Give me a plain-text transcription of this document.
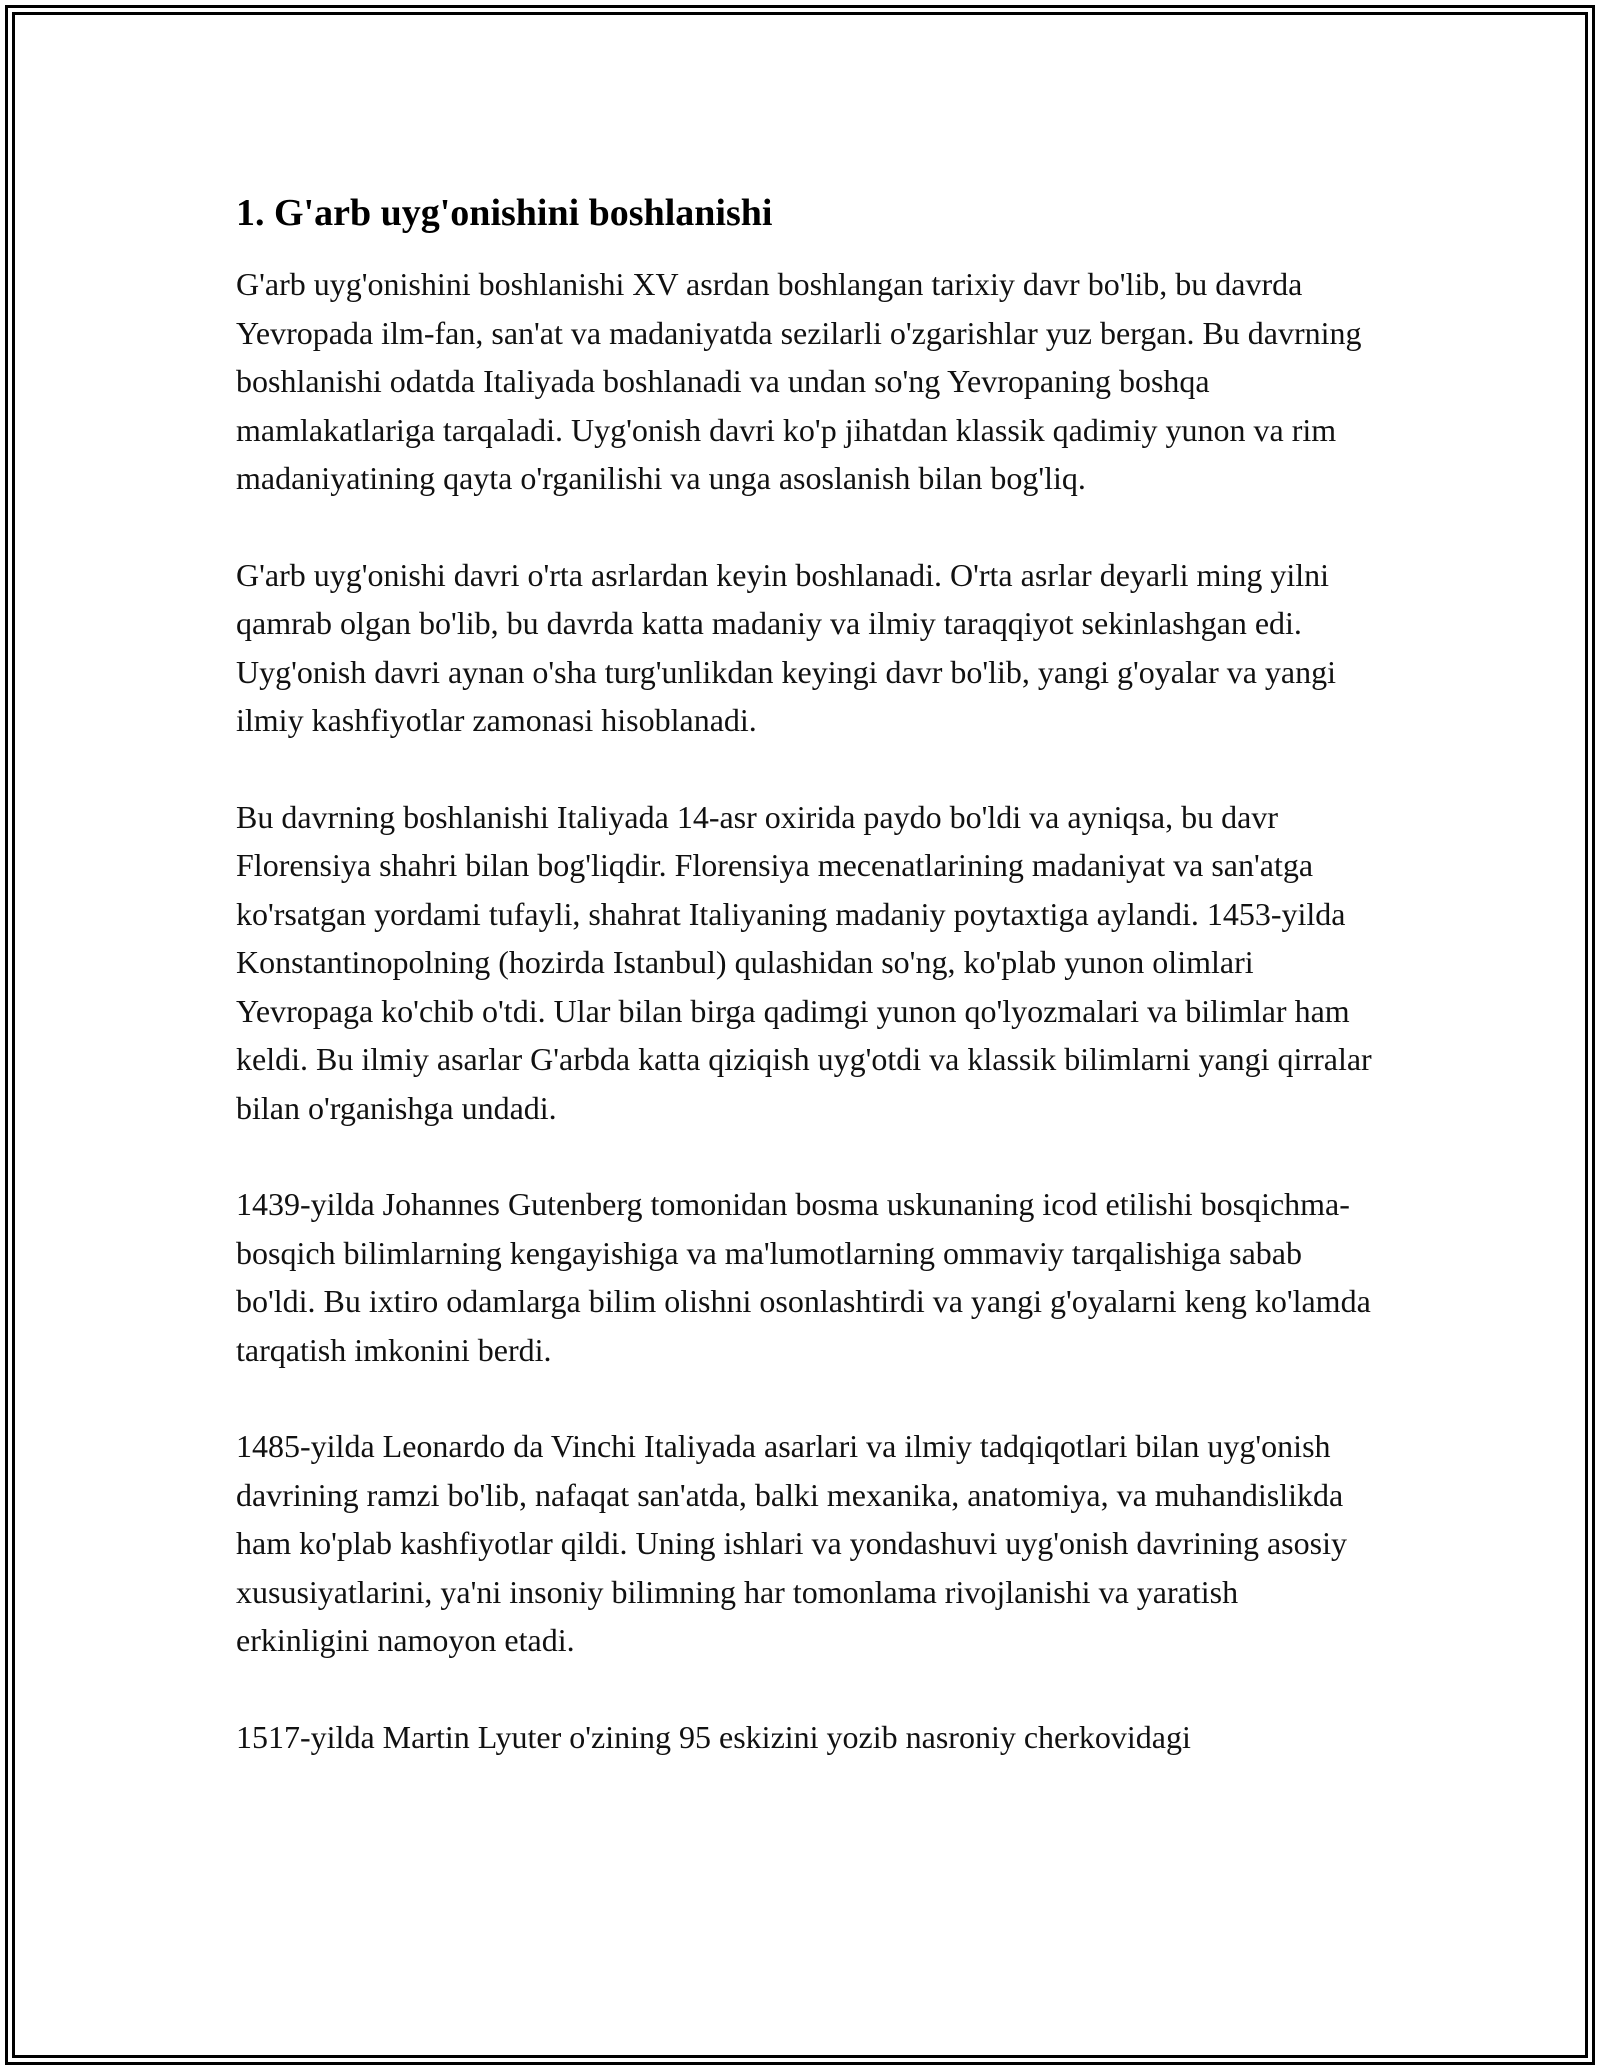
1. G'arb uyg'onishini boshlanishi

G'arb uyg'onishini boshlanishi XV asrdan boshlangan tarixiy davr bo'lib, bu davrda Yevropada ilm-fan, san'at va madaniyatda sezilarli o'zgarishlar yuz bergan. Bu davrning boshlanishi odatda Italiyada boshlanadi va undan so'ng Yevropaning boshqa mamlakatlariga tarqaladi. Uyg'onish davri ko'p jihatdan klassik qadimiy yunon va rim madaniyatining qayta o'rganilishi va unga asoslanish bilan bog'liq.

G'arb uyg'onishi davri o'rta asrlardan keyin boshlanadi. O'rta asrlar deyarli ming yilni qamrab olgan bo'lib, bu davrda katta madaniy va ilmiy taraqqiyot sekinlashgan edi. Uyg'onish davri aynan o'sha turg'unlikdan keyingi davr bo'lib, yangi g'oyalar va yangi ilmiy kashfiyotlar zamonasi hisoblanadi.

Bu davrning boshlanishi Italiyada 14-asr oxirida paydo bo'ldi va ayniqsa, bu davr Florensiya shahri bilan bog'liqdir. Florensiya mecenatlarining madaniyat va san'atga ko'rsatgan yordami tufayli, shahrat Italiyaning madaniy poytaxtiga aylandi. 1453-yilda Konstantinopolning (hozirda Istanbul) qulashidan so'ng, ko'plab yunon olimlari Yevropaga ko'chib o'tdi. Ular bilan birga qadimgi yunon qo'lyozmalari va bilimlar ham keldi. Bu ilmiy asarlar G'arbda katta qiziqish uyg'otdi va klassik bilimlarni yangi qirralar bilan o'rganishga undadi.

1439-yilda Johannes Gutenberg tomonidan bosma uskunaning icod etilishi bosqichma-bosqich bilimlarning kengayishiga va ma'lumotlarning ommaviy tarqalishiga sabab bo'ldi. Bu ixtiro odamlarga bilim olishni osonlashtirdi va yangi g'oyalarni keng ko'lamda tarqatish imkonini berdi.

1485-yilda Leonardo da Vinchi Italiyada asarlari va ilmiy tadqiqotlari bilan uyg'onish davrining ramzi bo'lib, nafaqat san'atda, balki mexanika, anatomiya, va muhandislikda ham ko'plab kashfiyotlar qildi. Uning ishlari va yondashuvi uyg'onish davrining asosiy xususiyatlarini, ya'ni insoniy bilimning har tomonlama rivojlanishi va yaratish erkinligini namoyon etadi.

1517-yilda Martin Lyuter o'zining 95 eskizini yozib nasroniy cherkovidagi
